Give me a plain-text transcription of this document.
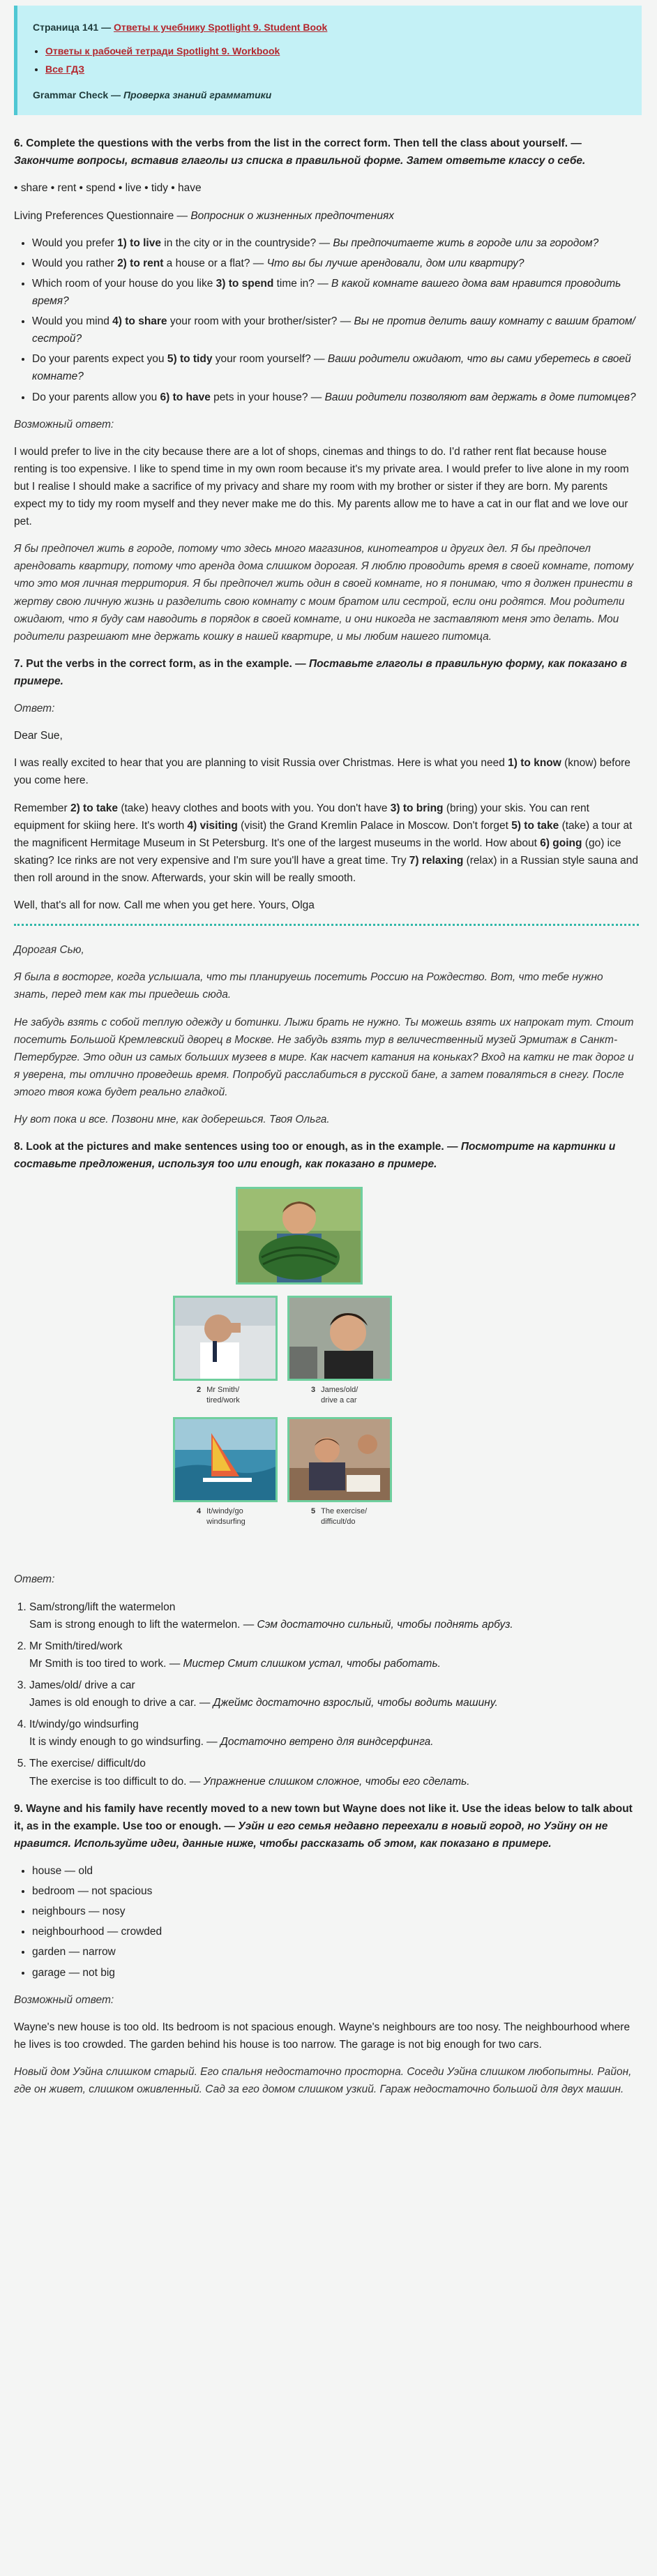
Страница 141 — Ответы к учебнику Spotlight 9. Student Book
• Ответы к рабочей тетради Spotlight 9. Workbook
• Все ГДЗ
Grammar Check — Проверка знаний грамматики

6. Complete the questions with the verbs from the list in the correct form. Then tell the class about yourself. — Закончите вопросы, вставив глаголы из списка в правильной форме. Затем ответьте классу о себе.

• share • rent • spend • live • tidy • have

Living Preferences Questionnaire — Вопросник о жизненных предпочтениях

• Would you prefer 1) to live in the city or in the countryside? — Вы предпочитаете жить в городе или за городом?
• Would you rather 2) to rent a house or a flat? — Что вы бы лучше арендовали, дом или квартиру?
• Which room of your house do you like 3) to spend time in? — В какой комнате вашего дома вам нравится проводить время?
• Would you mind 4) to share your room with your brother/sister? — Вы не против делить вашу комнату с вашим братом/сестрой?
• Do your parents expect you 5) to tidy your room yourself? — Ваши родители ожидают, что вы сами уберетесь в своей комнате?
• Do your parents allow you 6) to have pets in your house? — Ваши родители позволяют вам держать в доме питомцев?

Возможный ответ:

I would prefer to live in the city because there are a lot of shops, cinemas and things to do. I'd rather rent flat because house renting is too expensive. I like to spend time in my own room because it's my private area. I would prefer to live alone in my room but I realise I should make a sacrifice of my privacy and share my room with my brother or sister if they are born. My parents expect my to tidy my room myself and they never make me do this. My parents allow me to have a cat in our flat and we love our pet.

Я бы предпочел жить в городе, потому что здесь много магазинов, кинотеатров и других дел. Я бы предпочел арендовать квартиру, потому что аренда дома слишком дорогая. Я люблю проводить время в своей комнате, потому что это моя личная территория. Я бы предпочел жить один в своей комнате, но я понимаю, что я должен принести в жертву свою личную жизнь и разделить свою комнату с моим братом или сестрой, если они родятся. Мои родители ожидают, что я буду сам наводить в порядок в своей комнате, и они никогда не заставляют меня это делать. Мои родители разрешают мне держать кошку в нашей квартире, и мы любим нашего питомца.

7. Put the verbs in the correct form, as in the example. — Поставьте глаголы в правильную форму, как показано в примере.

Ответ:

Dear Sue,

I was really excited to hear that you are planning to visit Russia over Christmas. Here is what you need 1) to know (know) before you come here.

Remember 2) to take (take) heavy clothes and boots with you. You don't have 3) to bring (bring) your skis. You can rent equipment for skiing here. It's worth 4) visiting (visit) the Grand Kremlin Palace in Moscow. Don't forget 5) to take (take) a tour at the magnificent Hermitage Museum in St Petersburg. It's one of the largest museums in the world. How about 6) going (go) ice skating? Ice rinks are not very expensive and I'm sure you'll have a great time. Try 7) relaxing (relax) in a Russian style sauna and then roll around in the snow. Afterwards, your skin will be really smooth.

Well, that's all for now. Call me when you get here. Yours, Olga

Дорогая Сью,

Я была в восторге, когда услышала, что ты планируешь посетить Россию на Рождество. Вот, что тебе нужно знать, перед тем как ты приедешь сюда.

Не забудь взять с собой теплую одежду и ботинки. Лыжи брать не нужно. Ты можешь взять их напрокат тут. Стоит посетить Большой Кремлевский дворец в Москве. Не забудь взять тур в величественный музей Эрмитаж в Санкт-Петербурге. Это один из самых больших музеев в мире. Как насчет катания на коньках? Вход на катки не так дорог и я уверена, ты отлично проведешь время. Попробуй расслабиться в русской бане, а затем поваляться в снегу. После этого твоя кожа будет реально гладкой.

Ну вот пока и все. Позвони мне, как доберешься. Твоя Ольга.

8. Look at the pictures and make sentences using too or enough, as in the example. — Посмотрите на картинки и составьте предложения, используя too или enough, как показано в примере.

2 Mr Smith/
tired/work
3 James/old/
drive a car
4 It/windy/go
windsurfing
5 The exercise/
difficult/do

Ответ:

1. Sam/strong/lift the watermelon
Sam is strong enough to lift the watermelon. — Сэм достаточно сильный, чтобы поднять арбуз.
2. Mr Smith/tired/work
Mr Smith is too tired to work. — Мистер Смит слишком устал, чтобы работать.
3. James/old/ drive a car
James is old enough to drive a car. — Джеймс достаточно взрослый, чтобы водить машину.
4. It/windy/go windsurfing
It is windy enough to go windsurfing. — Достаточно ветрено для виндсерфинга.
5. The exercise/ difficult/do
The exercise is too difficult to do. — Упражнение слишком сложное, чтобы его сделать.

9. Wayne and his family have recently moved to a new town but Wayne does not like it. Use the ideas below to talk about it, as in the example. Use too or enough. — Уэйн и его семья недавно переехали в новый город, но Уэйну он не нравится. Используйте идеи, данные ниже, чтобы рассказать об этом, как показано в примере.

• house — old
• bedroom — not spacious
• neighbours — nosy
• neighbourhood — crowded
• garden — narrow
• garage — not big

Возможный ответ:

Wayne's new house is too old. Its bedroom is not spacious enough. Wayne's neighbours are too nosy. The neighbourhood where he lives is too crowded. The garden behind his house is too narrow. The garage is not big enough for two cars.

Новый дом Уэйна слишком старый. Его спальня недостаточно просторна. Соседи Уэйна слишком любопытны. Район, где он живет, слишком оживленный. Сад за его домом слишком узкий. Гараж недостаточно большой для двух машин.
